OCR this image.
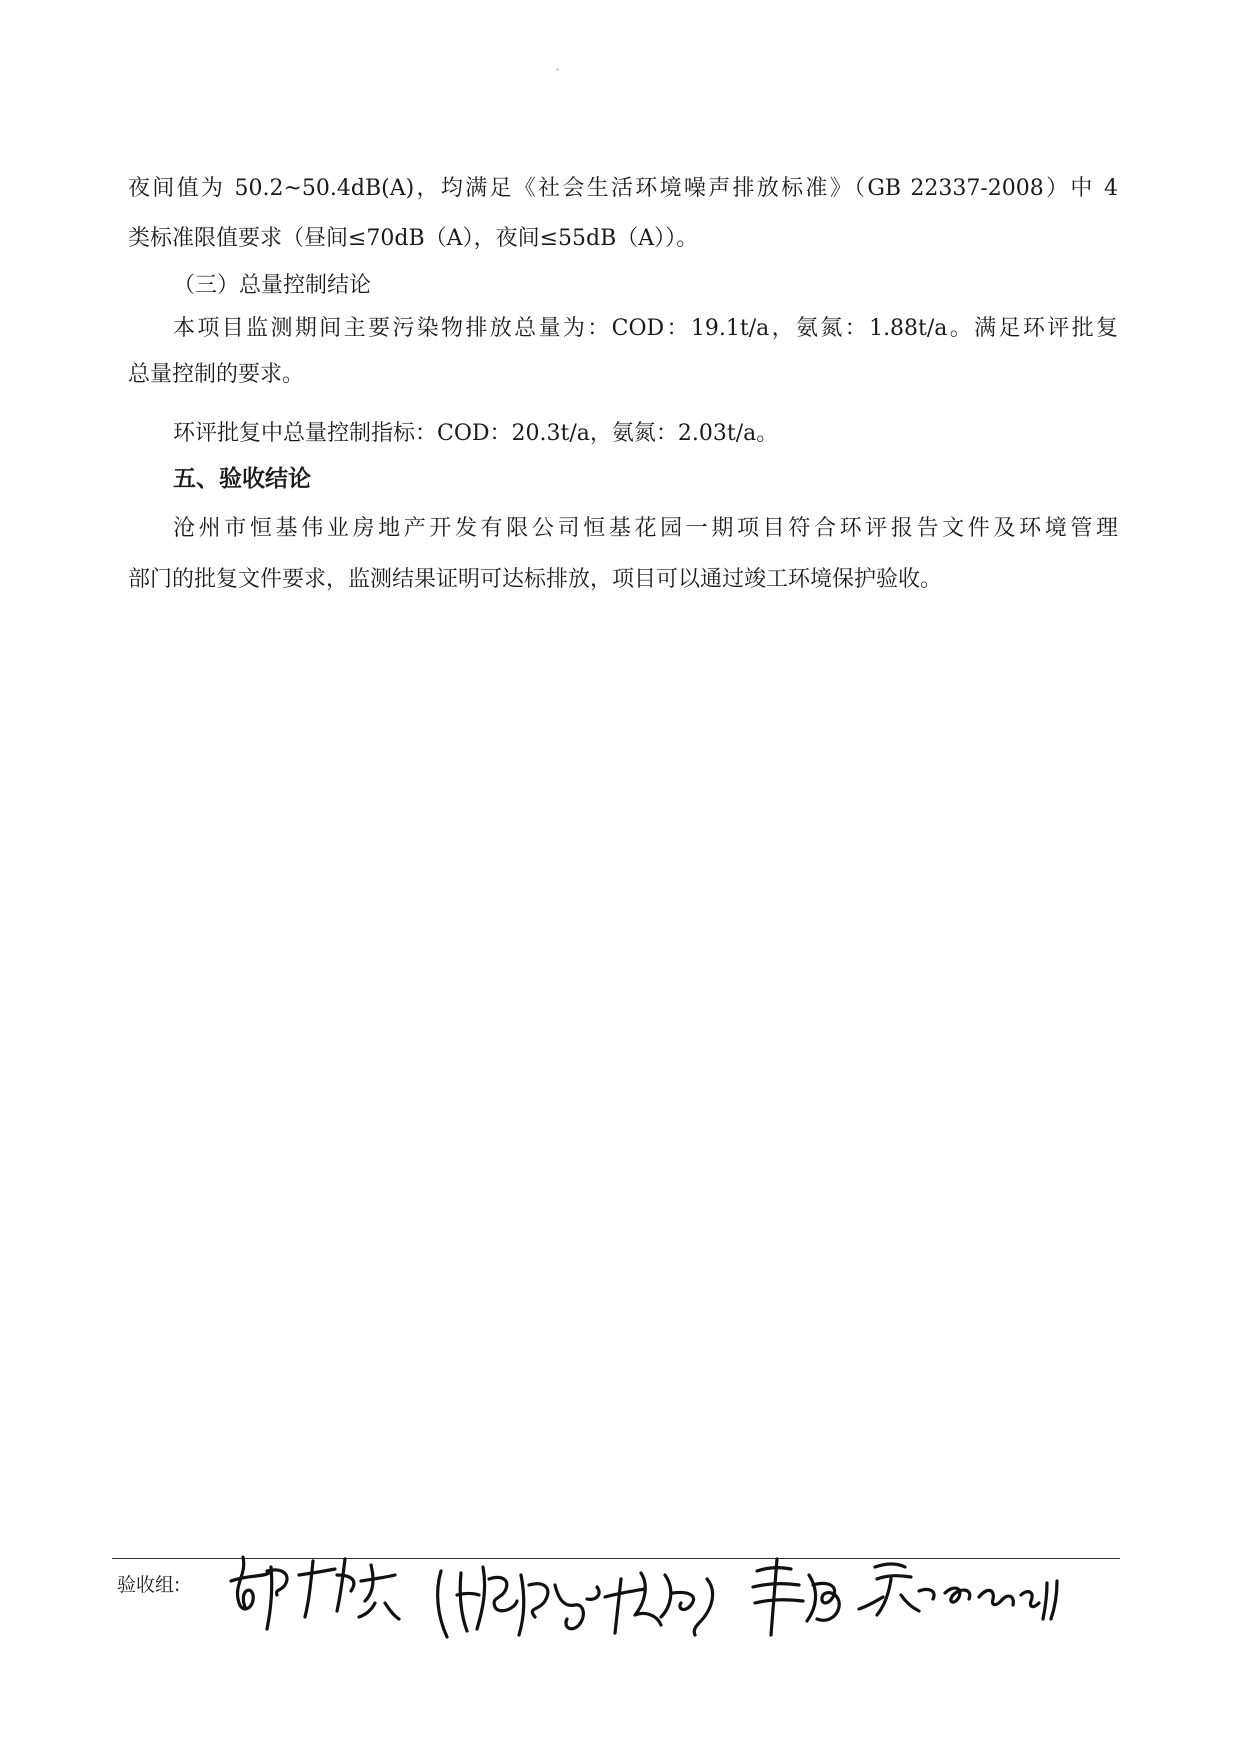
夜间值为 50.2~50.4dB(A)，均满足《社会生活环境噪声排放标准》（GB 22337-2008）中 4
类标准限值要求（昼间≤70dB（A），夜间≤55dB（A））。
（三）总量控制结论
本项目监测期间主要污染物排放总量为：COD：19.1t/a，氨氮：1.88t/a。满足环评批复
总量控制的要求。
环评批复中总量控制指标：COD：20.3t/a，氨氮：2.03t/a。
五、验收结论
沧州市恒基伟业房地产开发有限公司恒基花园一期项目符合环评报告文件及环境管理
部门的批复文件要求，监测结果证明可达标排放，项目可以通过竣工环境保护验收。
验收组:
